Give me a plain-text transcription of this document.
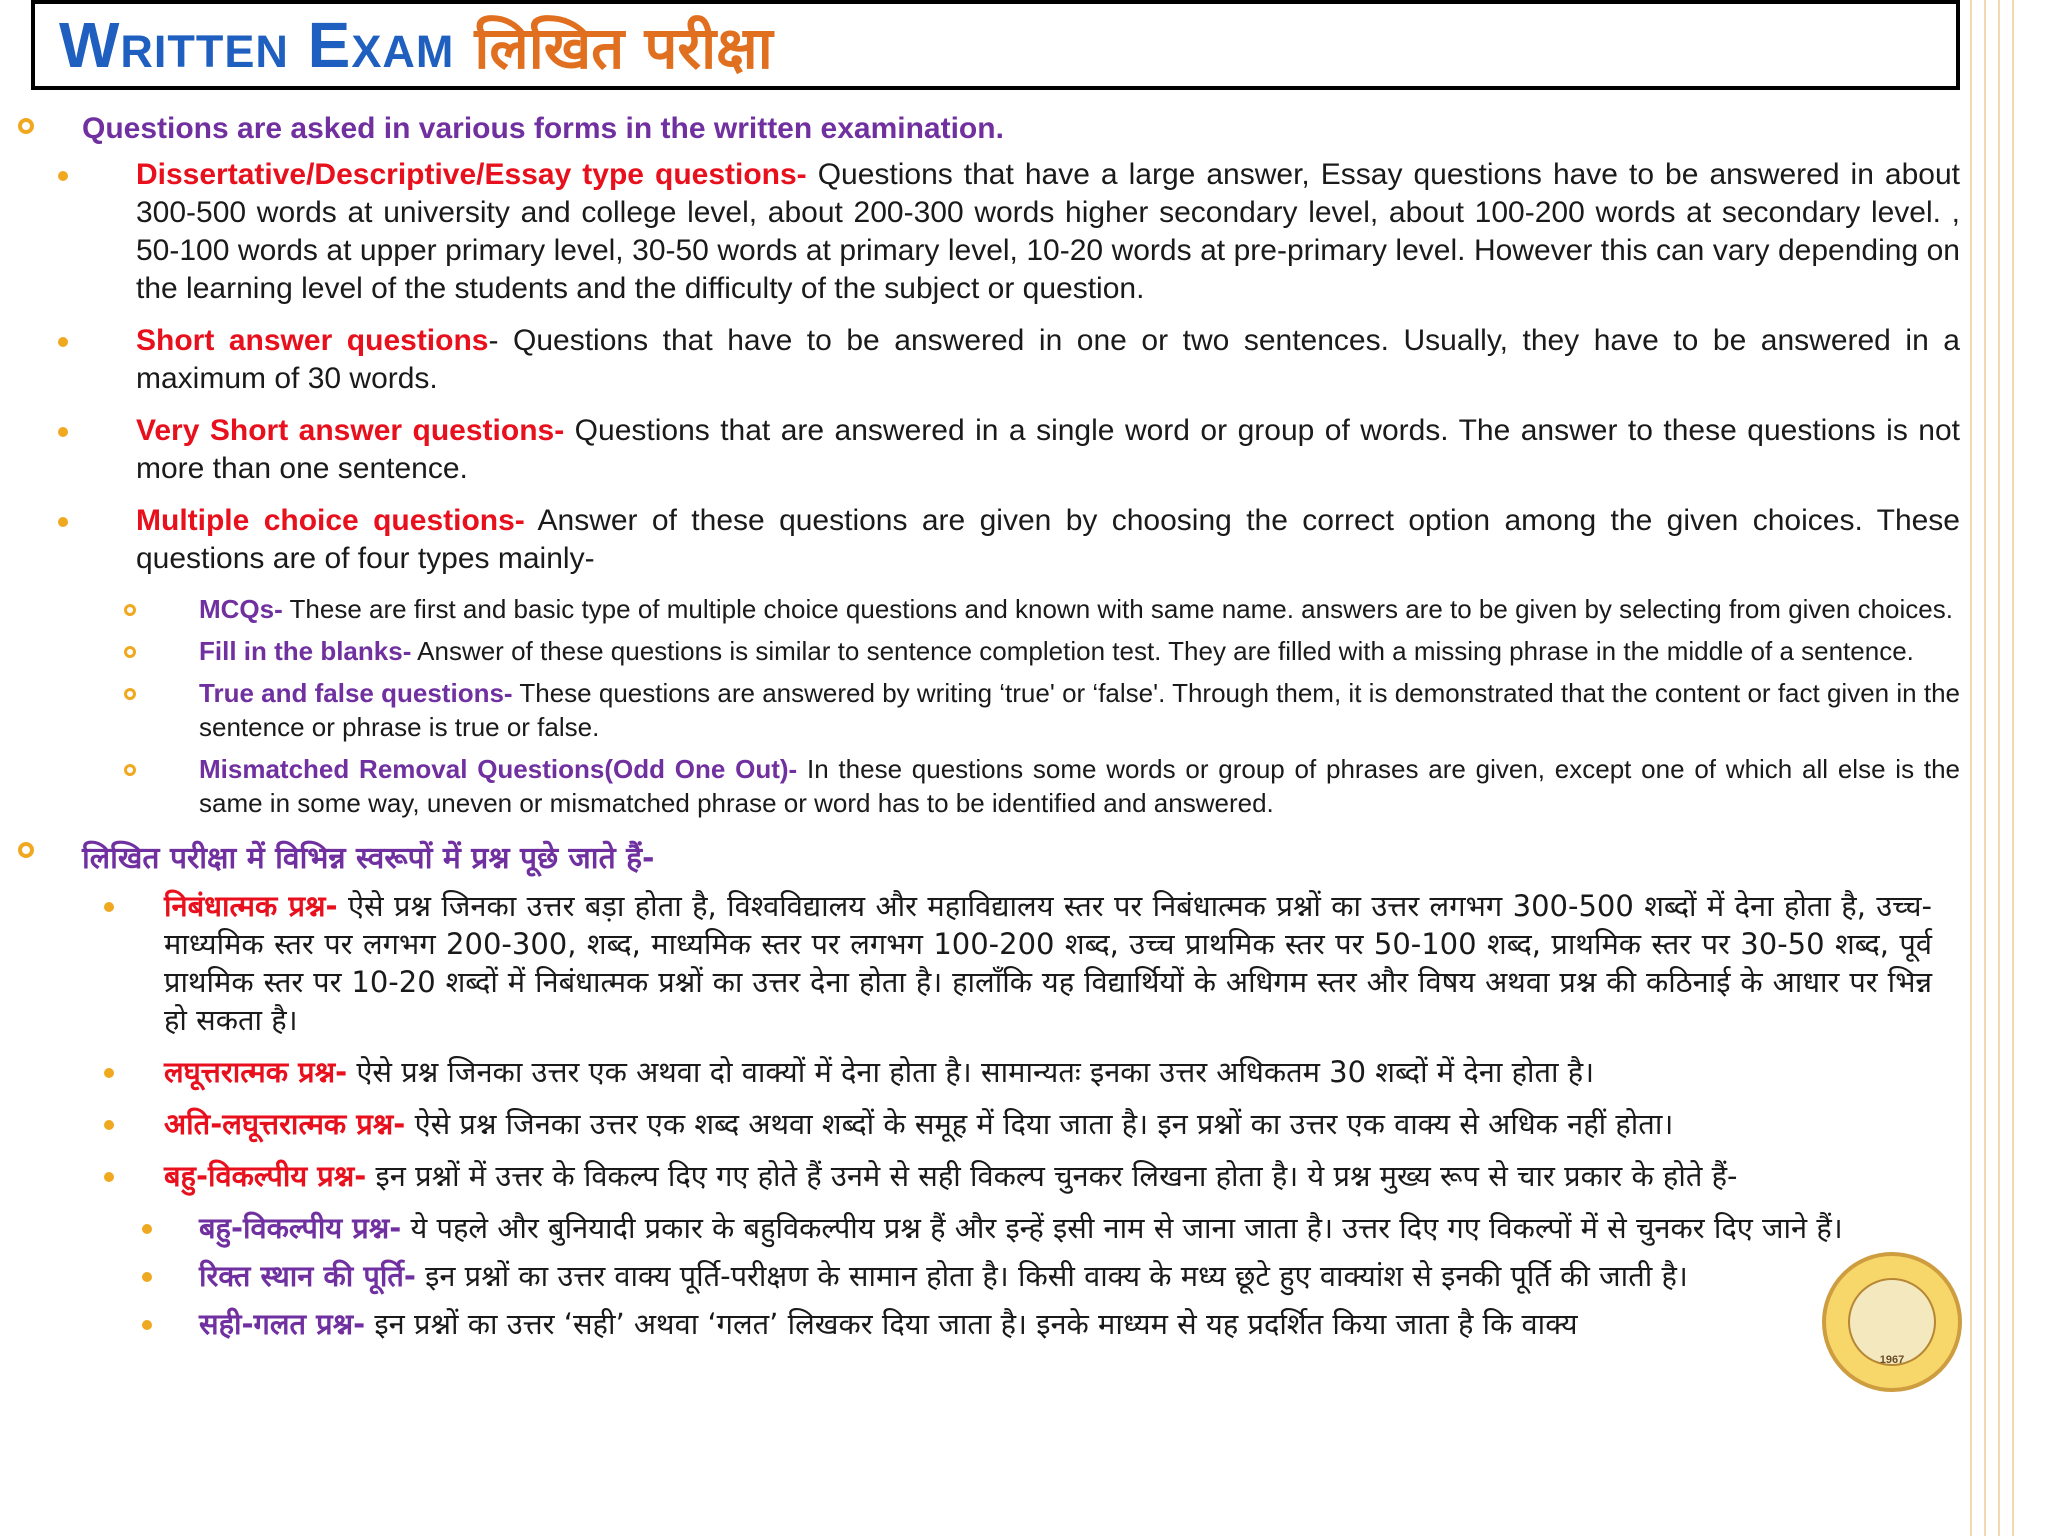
Written Exam लिखित परीक्षा
Questions are asked in various forms in the written examination.
Dissertative/Descriptive/Essay type questions- Questions that have a large answer, Essay questions have to be answered in about 300-500 words at university and college level, about 200-300 words higher secondary level, about 100-200 words at secondary level. , 50-100 words at upper primary level, 30-50 words at primary level, 10-20 words at pre-primary level. However this can vary depending on the learning level of the students and the difficulty of the subject or question.
Short answer questions- Questions that have to be answered in one or two sentences. Usually, they have to be answered in a maximum of 30 words.
Very Short answer questions- Questions that are answered in a single word or group of words. The answer to these questions is not more than one sentence.
Multiple choice questions- Answer of these questions are given by choosing the correct option among the given choices. These questions are of four types mainly-
MCQs- These are first and basic type of multiple choice questions and known with same name. answers are to be given by selecting from given choices.
Fill in the blanks- Answer of these questions is similar to sentence completion test. They are filled with a missing phrase in the middle of a sentence.
True and false questions- These questions are answered by writing ‘true' or ‘false'. Through them, it is demonstrated that the content or fact given in the sentence or phrase is true or false.
Mismatched Removal Questions(Odd One Out)- In these questions some words or group of phrases are given, except one of which all else is the same in some way, uneven or mismatched phrase or word has to be identified and answered.
लिखित परीक्षा में विभिन्न स्वरूपों में प्रश्न पूछे जाते हैं-
निबंधात्मक प्रश्न- ऐसे प्रश्न जिनका उत्तर बड़ा होता है, विश्वविद्यालय और महाविद्यालय स्तर पर निबंधात्मक प्रश्नों का उत्तर लगभग 300-500 शब्दों में देना होता है, उच्च-माध्यमिक स्तर पर लगभग 200-300, शब्द, माध्यमिक स्तर पर लगभग 100-200 शब्द, उच्च प्राथमिक स्तर पर 50-100 शब्द, प्राथमिक स्तर पर 30-50 शब्द, पूर्व प्राथमिक स्तर पर 10-20 शब्दों में निबंधात्मक प्रश्नों का उत्तर देना होता है। हालाँकि यह विद्यार्थियों के अधिगम स्तर और विषय अथवा प्रश्न की कठिनाई के आधार पर भिन्न हो सकता है।
लघूत्तरात्मक प्रश्न- ऐसे प्रश्न जिनका उत्तर एक अथवा दो वाक्यों में देना होता है। सामान्यतः इनका उत्तर अधिकतम 30 शब्दों में देना होता है।
अति-लघूत्तरात्मक प्रश्न- ऐसे प्रश्न जिनका उत्तर एक शब्द अथवा शब्दों के समूह में दिया जाता है। इन प्रश्नों का उत्तर एक वाक्य से अधिक नहीं होता।
बहु-विकल्पीय प्रश्न- इन प्रश्नों में उत्तर के विकल्प दिए गए होते हैं उनमे से सही विकल्प चुनकर लिखना होता है। ये प्रश्न मुख्य रूप से चार प्रकार के होते हैं-
बहु-विकल्पीय प्रश्न- ये पहले और बुनियादी प्रकार के बहुविकल्पीय प्रश्न हैं और इन्हें इसी नाम से जाना जाता है। उत्तर दिए गए विकल्पों में से चुनकर दिए जाने हैं।
रिक्त स्थान की पूर्ति- इन प्रश्नों का उत्तर वाक्य पूर्ति-परीक्षण के सामान होता है। किसी वाक्य के मध्य छूटे हुए वाक्यांश से इनकी पूर्ति की जाती है।
सही-गलत प्रश्न- इन प्रश्नों का उत्तर ‘सही’ अथवा ‘गलत’ लिखकर दिया जाता है। इनके माध्यम से यह प्रदर्शित किया जाता है कि वाक्य
1967
